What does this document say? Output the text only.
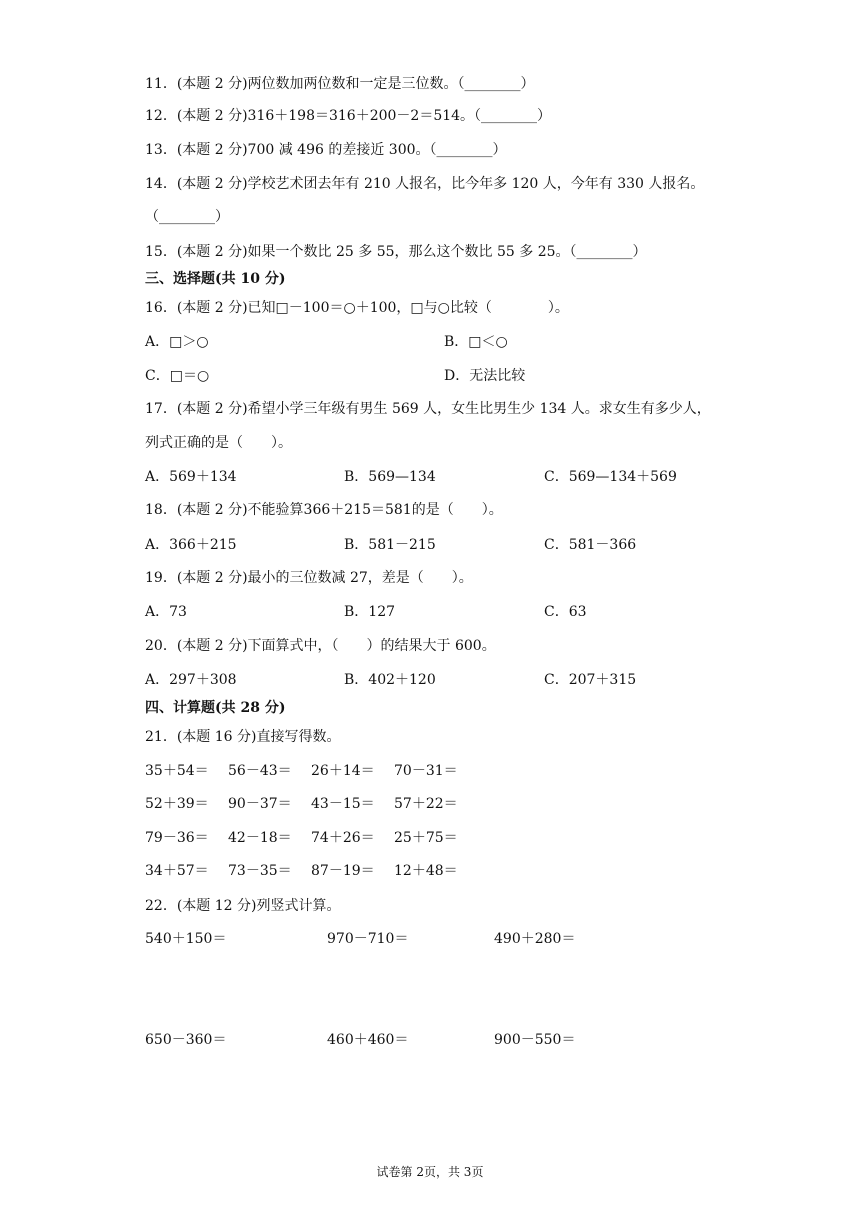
11．(本题 2 分)两位数加两位数和一定是三位数。（________）
12．(本题 2 分)316＋198＝316＋200－2＝514。（________）
13．(本题 2 分)700 减 496 的差接近 300。（________）
14．(本题 2 分)学校艺术团去年有 210 人报名，比今年多 120 人，今年有 330 人报名。
（________）
15．(本题 2 分)如果一个数比 25 多 55，那么这个数比 55 多 25。（________）
三、选择题(共 10 分)
16．(本题 2 分)已知□－100＝○＋100，□与○比较（　　　　）。
A．□＞○	B．□＜○
C．□＝○	D．无法比较
17．(本题 2 分)希望小学三年级有男生 569 人，女生比男生少 134 人。求女生有多少人，
列式正确的是（　　）。
A．569＋134	B．569—134	C．569—134＋569
18．(本题 2 分)不能验算366＋215＝581的是（　　）。
A．366＋215	B．581－215	C．581－366
19．(本题 2 分)最小的三位数减 27，差是（　　）。
A．73	B．127	C．63
20．(本题 2 分)下面算式中，（　　）的结果大于 600。
A．297＋308	B．402＋120	C．207＋315
四、计算题(共 28 分)
21．(本题 16 分)直接写得数。
35＋54＝ 56－43＝ 26＋14＝ 70－31＝
52＋39＝ 90－37＝ 43－15＝ 57＋22＝
79－36＝ 42－18＝ 74＋26＝ 25＋75＝
34＋57＝ 73－35＝ 87－19＝ 12＋48＝
22．(本题 12 分)列竖式计算。
540＋150＝	970－710＝	490＋280＝
650－360＝	460＋460＝	900－550＝
试卷第 2页，共 3页
